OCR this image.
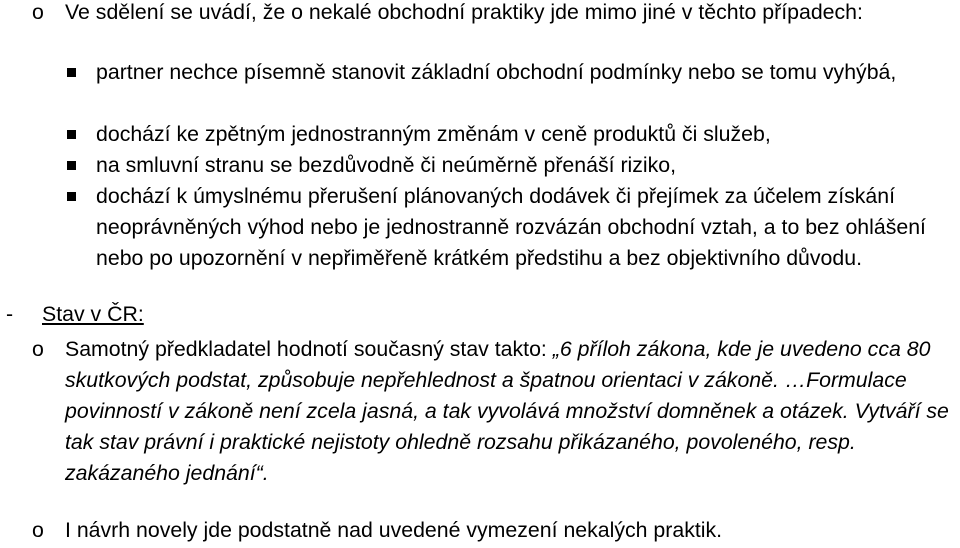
o Ve sdělení se uvádí, že o nekalé obchodní praktiky jde mimo jiné v těchto případech:
partner nechce písemně stanovit základní obchodní podmínky nebo se tomu vyhýbá,
dochází ke zpětným jednostranným změnám v ceně produktů či služeb,
na smluvní stranu se bezdůvodně či neúměrně přenáší riziko,
dochází k úmyslnému přerušení plánovaných dodávek či přejímek za účelem získání neoprávněných výhod nebo je jednostranně rozvázán obchodní vztah, a to bez ohlášení nebo po upozornění v nepřiměřeně krátkém předstihu a bez objektivního důvodu.
- Stav v ČR:
o Samotný předkladatel hodnotí současný stav takto: „6 příloh zákona, kde je uvedeno cca 80 skutkových podstat, způsobuje nepřehlednost a špatnou orientaci v zákoně. …Formulace povinností v zákoně není zcela jasná, a tak vyvolává množství domněnek a otázek. Vytváří se tak stav právní i praktické nejistoty ohledně rozsahu přikázaného, povoleného, resp. zakázaného jednání“.
o I návrh novely jde podstatně nad uvedené vymezení nekalých praktik.
